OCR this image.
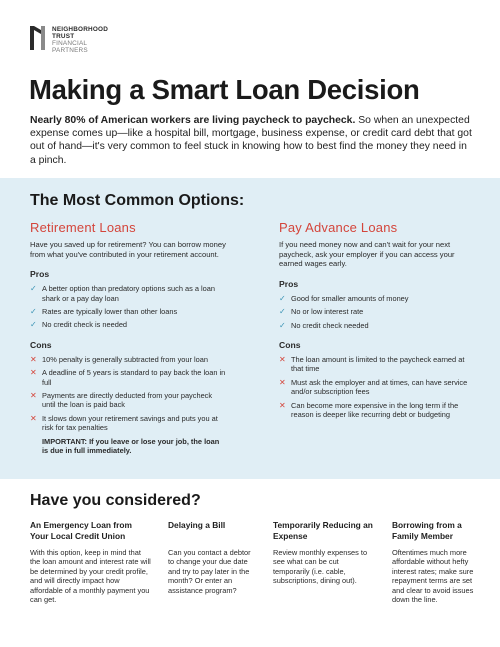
NEIGHBORHOOD
TRUST
FINANCIAL
PARTNERS
Making a Smart Loan Decision

Nearly 80% of American workers are living paycheck to paycheck. So when an unexpected expense comes up—like a hospital bill, mortgage, business expense, or credit card debt that got out of hand—it's very common to feel stuck in knowing how to best find the money they need in a pinch.

The Most Common Options:
Retirement Loans
Have you saved up for retirement? You can borrow money from what you've contributed in your retirement account.
Pros
✓ A better option than predatory options such as a loan shark or a pay day loan
✓ Rates are typically lower than other loans
✓ No credit check is needed
Cons
✕ 10% penalty is generally subtracted from your loan
✕ A deadline of 5 years is standard to pay back the loan in full
✕ Payments are directly deducted from your paycheck until the loan is paid back
✕ It slows down your retirement savings and puts you at risk for tax penalties
IMPORTANT: If you leave or lose your job, the loan is due in full immediately.
Pay Advance Loans
If you need money now and can't wait for your next paycheck, ask your employer if you can access your earned wages early.
Pros
✓ Good for smaller amounts of money
✓ No or low interest rate
✓ No credit check needed
Cons
✕ The loan amount is limited to the paycheck earned at that time
✕ Must ask the employer and at times, can have service and/or subscription fees
✕ Can become more expensive in the long term if the reason is deeper like recurring debt or budgeting
Have you considered?
An Emergency Loan from Your Local Credit Union
With this option, keep in mind that the loan amount and interest rate will be determined by your credit profile, and will directly impact how affordable of a monthly payment you can get.
Delaying a Bill
Can you contact a debtor to change your due date and try to pay later in the month? Or enter an assistance program?
Temporarily Reducing an Expense
Review monthly expenses to see what can be cut temporarily (i.e. cable, subscriptions, dining out).
Borrowing from a Family Member
Oftentimes much more affordable without hefty interest rates; make sure repayment terms are set and clear to avoid issues down the line.
